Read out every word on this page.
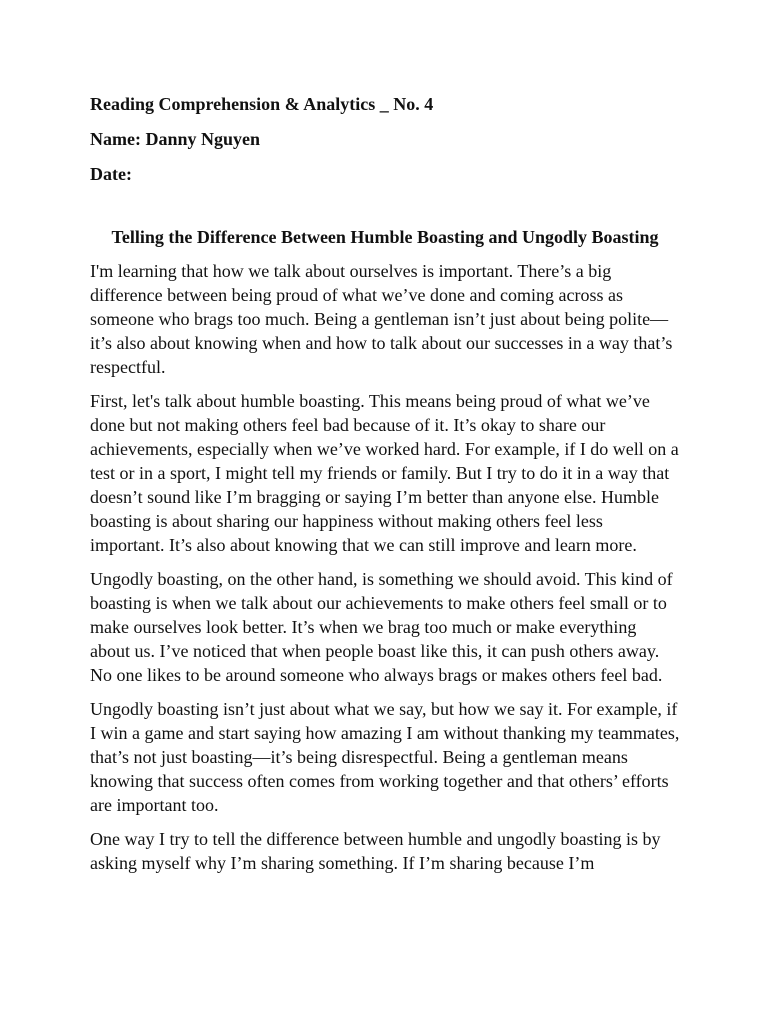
Reading Comprehension & Analytics _ No. 4
Name: Danny Nguyen
Date:
Telling the Difference Between Humble Boasting and Ungodly Boasting

I'm learning that how we talk about ourselves is important. There’s a big difference between being proud of what we’ve done and coming across as someone who brags too much. Being a gentleman isn’t just about being polite—it’s also about knowing when and how to talk about our successes in a way that’s respectful.

First, let's talk about humble boasting. This means being proud of what we’ve done but not making others feel bad because of it. It’s okay to share our achievements, especially when we’ve worked hard. For example, if I do well on a test or in a sport, I might tell my friends or family. But I try to do it in a way that doesn’t sound like I’m bragging or saying I’m better than anyone else. Humble boasting is about sharing our happiness without making others feel less important. It’s also about knowing that we can still improve and learn more.

Ungodly boasting, on the other hand, is something we should avoid. This kind of boasting is when we talk about our achievements to make others feel small or to make ourselves look better. It’s when we brag too much or make everything about us. I’ve noticed that when people boast like this, it can push others away. No one likes to be around someone who always brags or makes others feel bad.

Ungodly boasting isn’t just about what we say, but how we say it. For example, if I win a game and start saying how amazing I am without thanking my teammates, that’s not just boasting—it’s being disrespectful. Being a gentleman means knowing that success often comes from working together and that others’ efforts are important too.

One way I try to tell the difference between humble and ungodly boasting is by asking myself why I’m sharing something. If I’m sharing because I’m
